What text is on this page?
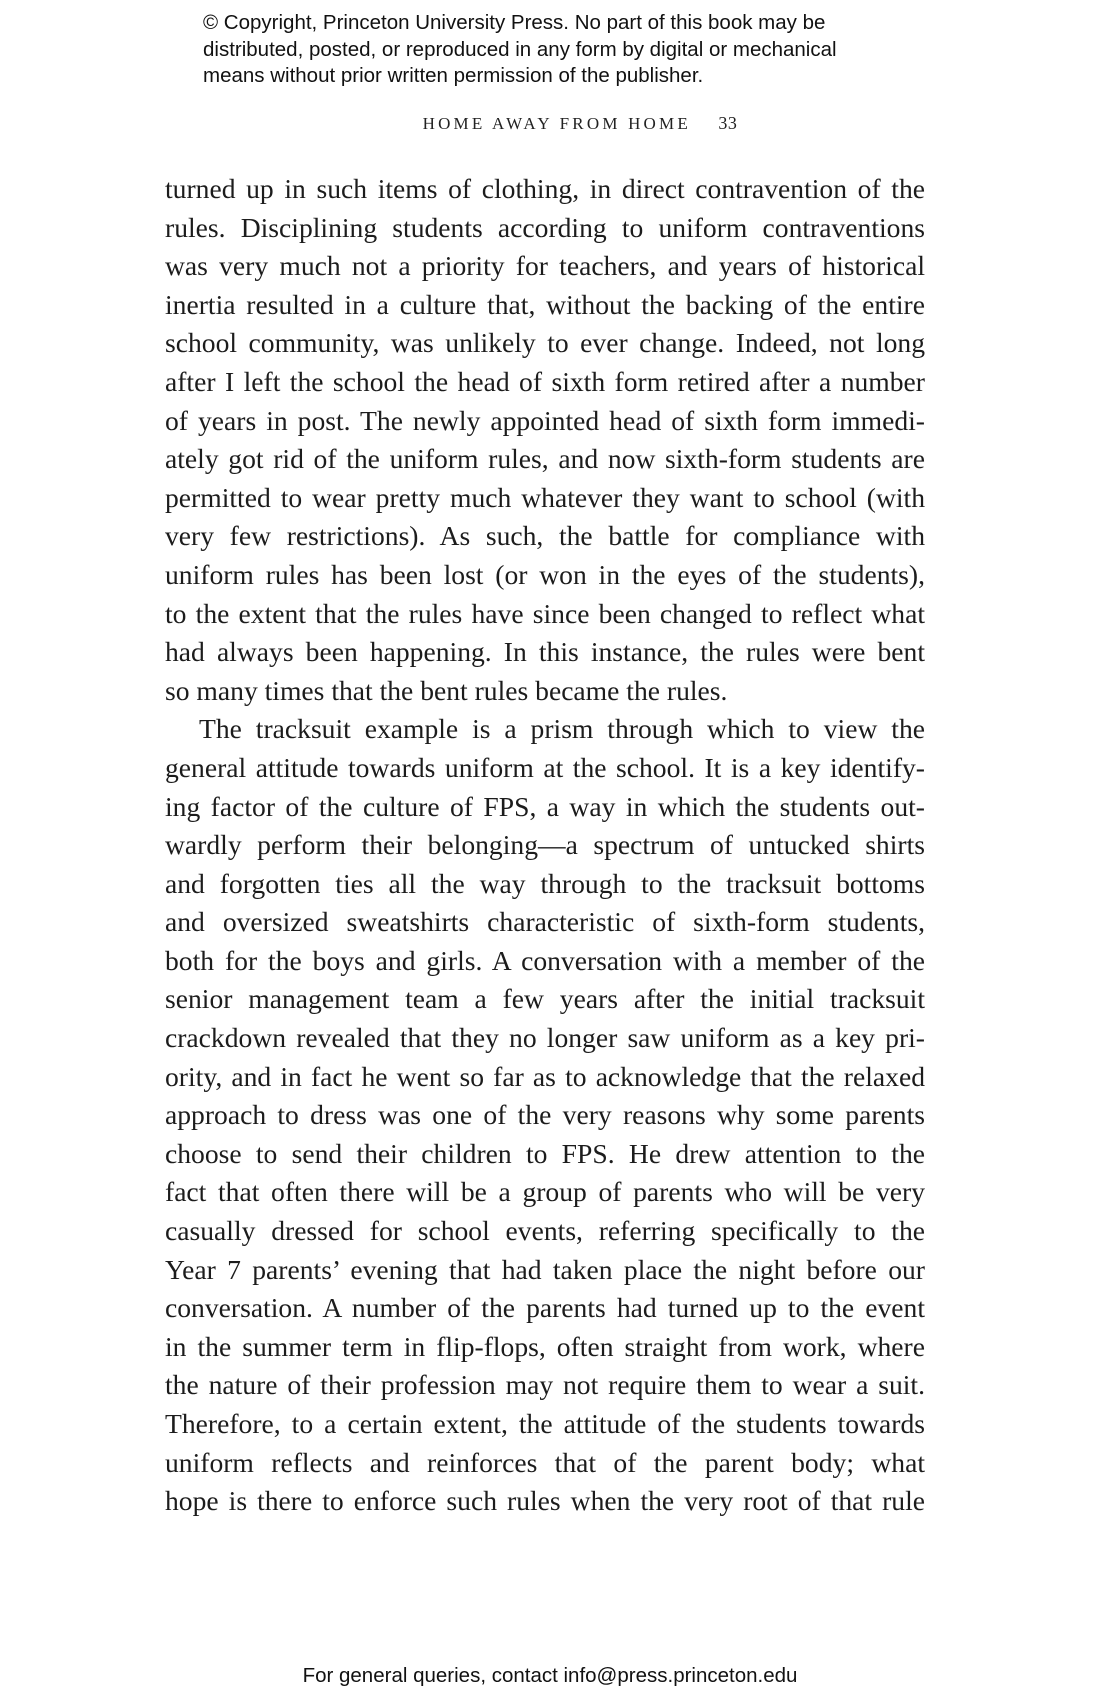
© Copyright, Princeton University Press. No part of this book may be
distributed, posted, or reproduced in any form by digital or mechanical
means without prior written permission of the publisher.
HOME AWAY FROM HOME 33
turned up in such items of clothing, in direct contravention of the
rules. Disciplining students according to uniform contraventions
was very much not a priority for teachers, and years of historical
inertia resulted in a culture that, without the backing of the entire
school community, was unlikely to ever change. Indeed, not long
after I left the school the head of sixth form retired after a number
of years in post. The newly appointed head of sixth form immedi-
ately got rid of the uniform rules, and now sixth-form students are
permitted to wear pretty much whatever they want to school (with
very few restrictions). As such, the battle for compliance with
uniform rules has been lost (or won in the eyes of the students),
to the extent that the rules have since been changed to reflect what
had always been happening. In this instance, the rules were bent
so many times that the bent rules became the rules.
The tracksuit example is a prism through which to view the
general attitude towards uniform at the school. It is a key identify-
ing factor of the culture of FPS, a way in which the students out-
wardly perform their belonging—a spectrum of untucked shirts
and forgotten ties all the way through to the tracksuit bottoms
and oversized sweatshirts characteristic of sixth-form students,
both for the boys and girls. A conversation with a member of the
senior management team a few years after the initial tracksuit
crackdown revealed that they no longer saw uniform as a key pri-
ority, and in fact he went so far as to acknowledge that the relaxed
approach to dress was one of the very reasons why some parents
choose to send their children to FPS. He drew attention to the
fact that often there will be a group of parents who will be very
casually dressed for school events, referring specifically to the
Year 7 parents’ evening that had taken place the night before our
conversation. A number of the parents had turned up to the event
in the summer term in flip-flops, often straight from work, where
the nature of their profession may not require them to wear a suit.
Therefore, to a certain extent, the attitude of the students towards
uniform reflects and reinforces that of the parent body; what
hope is there to enforce such rules when the very root of that rule
For general queries, contact info@press.princeton.edu
